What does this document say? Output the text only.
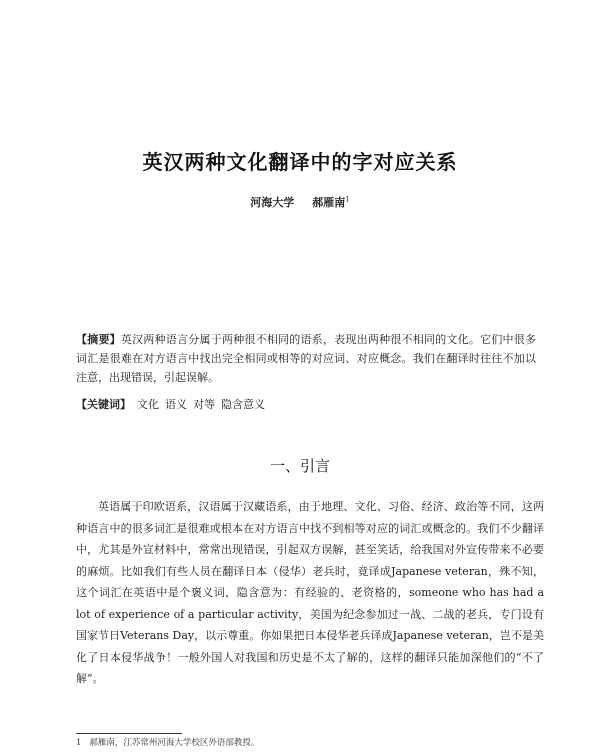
英汉两种文化翻译中的字对应关系
河海大学 郝雁南$^1$
【摘要】英汉两种语言分属于两种很不相同的语系，表现出两种很不相同的文化。它们中很多词汇是很难在对方语言中找出完全相同或相等的对应词、对应概念。我们在翻译时往往不加以注意，出现错误，引起误解。
【关键词】 文化 语义 对等 隐含意义
一、引言
英语属于印欧语系，汉语属于汉藏语系，由于地理、文化、习俗、经济、政治等不同，这两种语言中的很多词汇是很难或根本在对方语言中找不到相等对应的词汇或概念的。我们不少翻译中，尤其是外宣材料中，常常出现错误，引起双方误解，甚至笑话，给我国对外宣传带来不必要的麻烦。比如我们有些人员在翻译日本（侵华）老兵时，竟译成Japanese veteran，殊不知，这个词汇在英语中是个褒义词，隐含意为：有经验的、老资格的，someone who has had a lot of experience of a particular activity，美国为纪念参加过一战、二战的老兵，专门设有国家节日Veterans Day，以示尊重。你如果把日本侵华老兵译成Japanese veteran，岂不是美化了日本侵华战争！一般外国人对我国和历史是不太了解的，这样的翻译只能加深他们的“不了解”。
1 郝雁南，江苏常州河海大学校区外语部教授。
